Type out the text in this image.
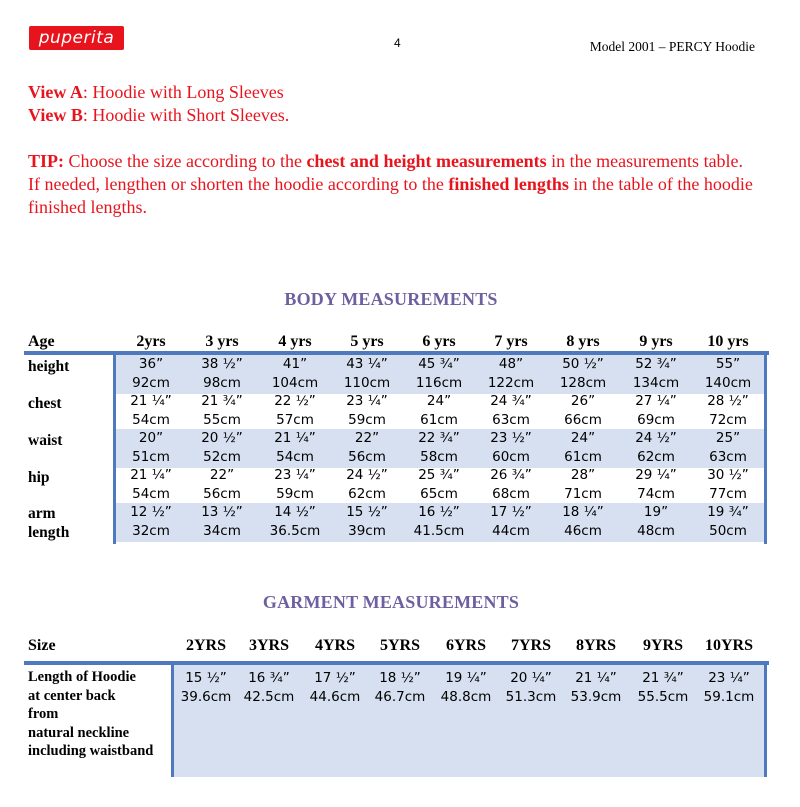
puperita	4	Model 2001 – PERCY Hoodie
View A: Hoodie with Long Sleeves
View B: Hoodie with Short Sleeves.
TIP: Choose the size according to the chest and height measurements in the measurements table.
If needed, lengthen or shorten the hoodie according to the finished lengths in the table of the hoodie finished lengths.
BODY MEASUREMENTS
Age	2yrs	3 yrs	4 yrs	5 yrs	6 yrs	7 yrs	8 yrs	9 yrs	10 yrs
height	36”	38 ½”	41”	43 ¼”	45 ¾”	48”	50 ½”	52 ¾”	55”
92cm	98cm	104cm	110cm	116cm	122cm	128cm	134cm	140cm
chest	21 ¼”	21 ¾”	22 ½”	23 ¼”	24”	24 ¾”	26”	27 ¼”	28 ½”
54cm	55cm	57cm	59cm	61cm	63cm	66cm	69cm	72cm
waist	20”	20 ½”	21 ¼”	22”	22 ¾”	23 ½”	24”	24 ½”	25”
51cm	52cm	54cm	56cm	58cm	60cm	61cm	62cm	63cm
hip	21 ¼”	22”	23 ¼”	24 ½”	25 ¾”	26 ¾”	28”	29 ¼”	30 ½”
54cm	56cm	59cm	62cm	65cm	68cm	71cm	74cm	77cm
arm
length
12 ½”	13 ½”	14 ½”	15 ½”	16 ½”	17 ½”	18 ¼”	19”	19 ¾”
32cm	34cm	36.5cm	39cm	41.5cm	44cm	46cm	48cm	50cm
GARMENT MEASUREMENTS
Size	2YRS	3YRS	4YRS	5YRS	6YRS	7YRS	8YRS	9YRS	10YRS
Length of Hoodie
at center back
from
natural neckline
including waistband
15 ½”	16 ¾”	17 ½”	18 ½”	19 ¼”	20 ¼”	21 ¼”	21 ¾”	23 ¼”
39.6cm 42.5cm	44.6cm	46.7cm	48.8cm	51.3cm	53.9cm	55.5cm	59.1cm
